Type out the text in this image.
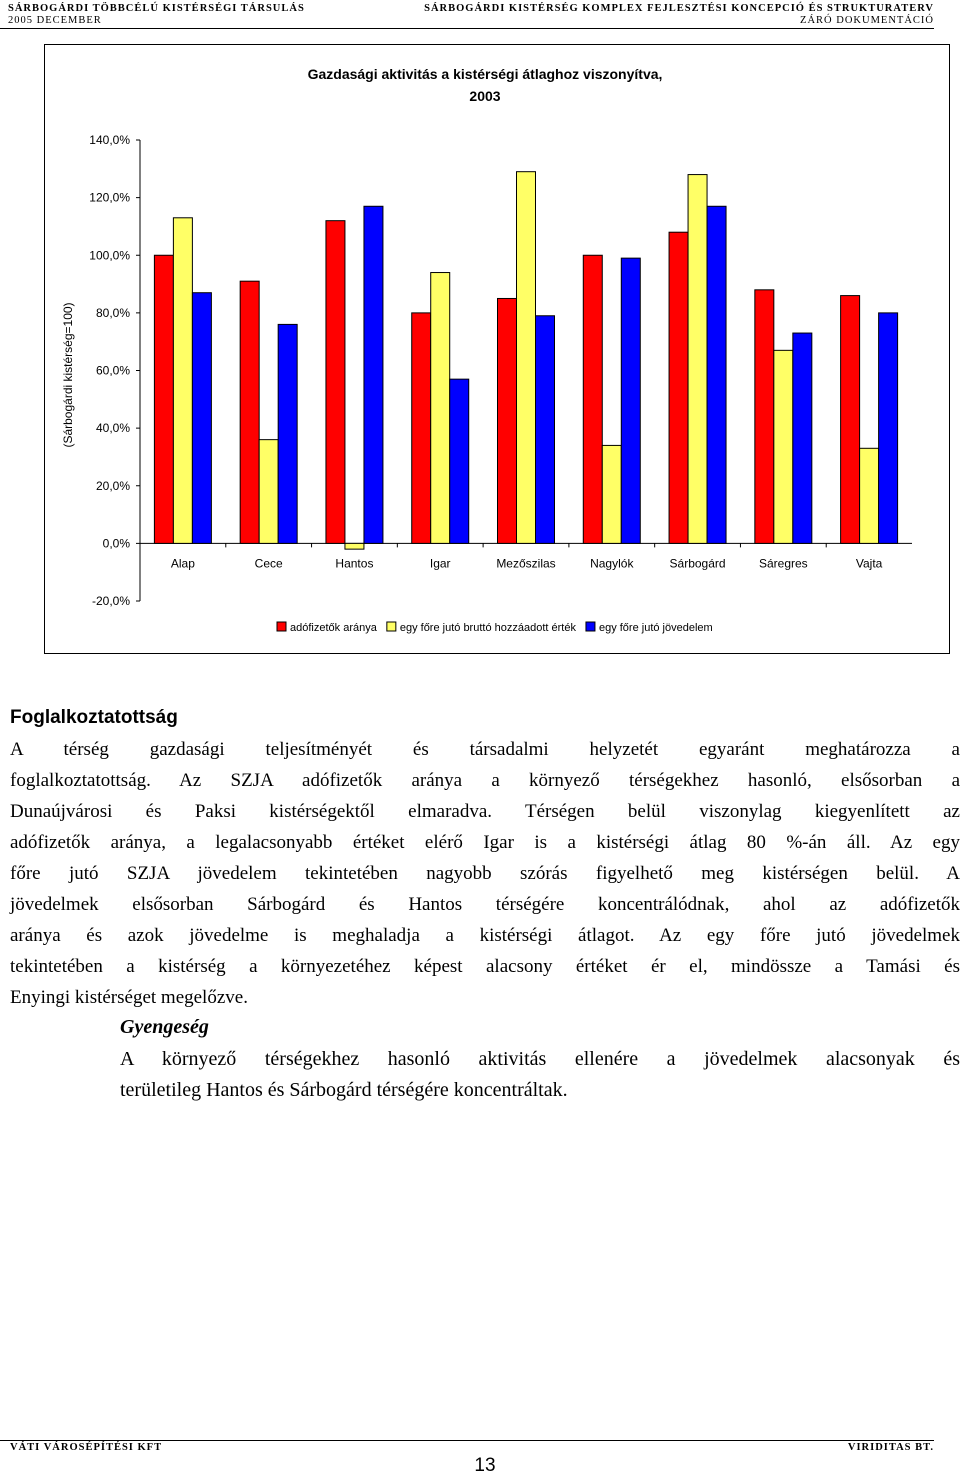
SÁRBOGÁRDI TÖBBCÉLÚ KISTÉRSÉGI TÁRSULÁS	SÁRBOGÁRDI KISTÉRSÉG KOMPLEX FEJLESZTÉSI KONCEPCIÓ ÉS STRUKTURATERV
2005 DECEMBER	ZÁRÓ DOKUMENTÁCIÓ
Gazdasági aktivitás a kistérségi átlaghoz viszonyítva,
2003
(Sárbogárdi kistérség=100)
140,0%
120,0%
100,0%
80,0%
60,0%
40,0%
20,0%
0,0%
-20,0%
Alap	Cece	Hantos	Igar	Mezőszilas	Nagylók	Sárbogárd	Sáregres	Vajta
adófizetők aránya egy főre jutó bruttó hozzáadott érték egy főre jutó jövedelem
Foglalkoztatottság
A térség gazdasági teljesítményét és társadalmi helyzetét egyaránt meghatározza a
foglalkoztatottság. Az SZJA adófizetők aránya a környező térségekhez hasonló, elsősorban a
Dunaújvárosi és Paksi kistérségektől elmaradva. Térségen belül viszonylag kiegyenlített az
adófizetők aránya, a legalacsonyabb értéket elérő Igar is a kistérségi átlag 80 %-án áll. Az egy
főre jutó SZJA jövedelem tekintetében nagyobb szórás figyelhető meg kistérségen belül. A
jövedelmek elsősorban Sárbogárd és Hantos térségére koncentrálódnak, ahol az adófizetők
aránya és azok jövedelme is meghaladja a kistérségi átlagot. Az egy főre jutó jövedelmek
tekintetében a kistérség a környezetéhez képest alacsony értéket ér el, mindössze a Tamási és
Enyingi kistérséget megelőzve.
Gyengeség
A környező térségekhez hasonló aktivitás ellenére a jövedelmek alacsonyak és
területileg Hantos és Sárbogárd térségére koncentráltak.
VÁTI VÁROSÉPÍTÉSI KFT	VIRIDITAS BT.
13
